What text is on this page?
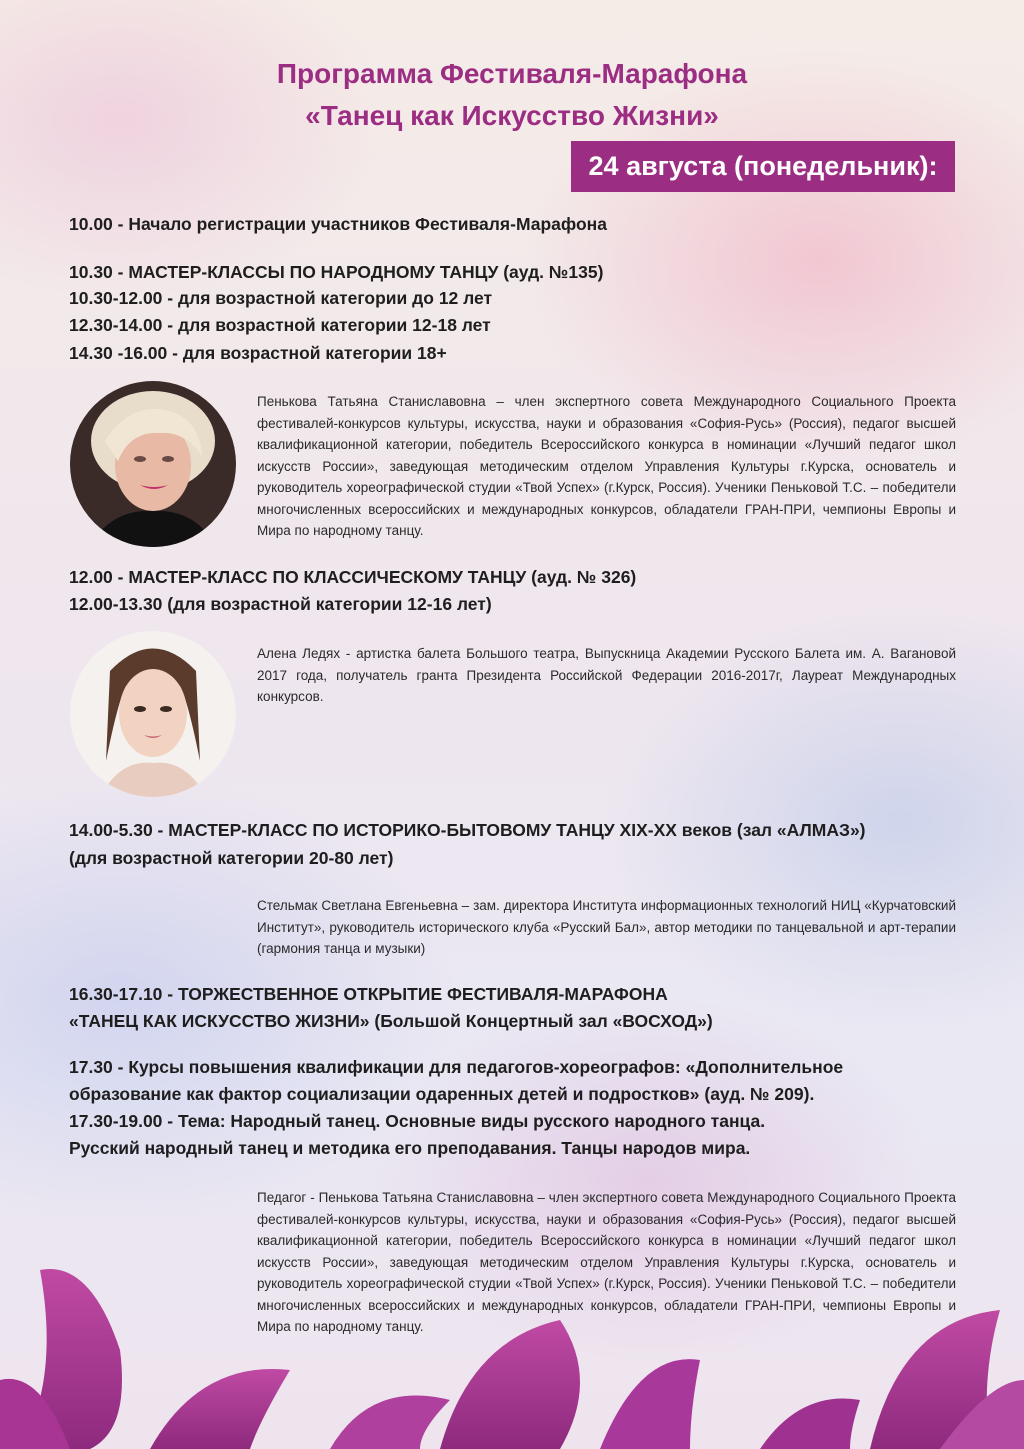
Программа Фестиваля-Марафона
«Танец как Искусство Жизни»
24 августа (понедельник):
10.00 - Начало регистрации участников Фестиваля-Марафона
10.30 - МАСТЕР-КЛАССЫ ПО НАРОДНОМУ ТАНЦУ (ауд. №135)
10.30-12.00 - для возрастной категории до 12 лет
12.30-14.00 - для возрастной категории 12-18 лет
14.30 -16.00 - для возрастной категории 18+
Пенькова Татьяна Станиславовна – член экспертного совета Международного Социального Проекта фестивалей-конкурсов культуры, искусства, науки и образования «София-Русь» (Россия), педагог высшей квалификационной категории, победитель Всероссийского конкурса в номинации «Лучший педагог школ искусств России», заведующая методическим отделом Управления Культуры г.Курска, основатель и руководитель хореографической студии «Твой Успех» (г.Курск, Россия). Ученики Пеньковой Т.С. – победители многочисленных всероссийских и международных конкурсов, обладатели ГРАН-ПРИ, чемпионы Европы и Мира по народному танцу.
12.00 - МАСТЕР-КЛАСС ПО КЛАССИЧЕСКОМУ ТАНЦУ (ауд. № 326)
12.00-13.30 (для возрастной категории 12-16 лет)
Алена Ледях - артистка балета Большого театра, Выпускница Академии Русского Балета им. А. Вагановой 2017 года, получатель гранта Президента Российской Федерации 2016-2017г, Лауреат Международных конкурсов.
14.00-5.30 - МАСТЕР-КЛАСС ПО ИСТОРИКО-БЫТОВОМУ ТАНЦУ XIX-XX веков (зал «АЛМАЗ»)
(для возрастной категории 20-80 лет)
Стельмак Светлана Евгеньевна – зам. директора Института информационных технологий НИЦ «Курчатовский Институт», руководитель исторического клуба «Русский Бал», автор методики по танцевальной и арт-терапии (гармония танца и музыки)
16.30-17.10 - ТОРЖЕСТВЕННОЕ ОТКРЫТИЕ ФЕСТИВАЛЯ-МАРАФОНА
«ТАНЕЦ КАК ИСКУССТВО ЖИЗНИ» (Большой Концертный зал «ВОСХОД»)
17.30 - Курсы повышения квалификации для педагогов-хореографов: «Дополнительное
образование как фактор социализации одаренных детей и подростков» (ауд. № 209).
17.30-19.00 - Тема: Народный танец. Основные виды русского народного танца.
Русский народный танец и методика его преподавания. Танцы народов мира.
Педагог - Пенькова Татьяна Станиславовна – член экспертного совета Международного Социального Проекта фестивалей-конкурсов культуры, искусства, науки и образования «София-Русь» (Россия), педагог высшей квалификационной категории, победитель Всероссийского конкурса в номинации «Лучший педагог школ искусств России», заведующая методическим отделом Управления Культуры г.Курска, основатель и руководитель хореографической студии «Твой Успех» (г.Курск, Россия). Ученики Пеньковой Т.С. – победители многочисленных всероссийских и международных конкурсов, обладатели ГРАН-ПРИ, чемпионы Европы и Мира по народному танцу.
